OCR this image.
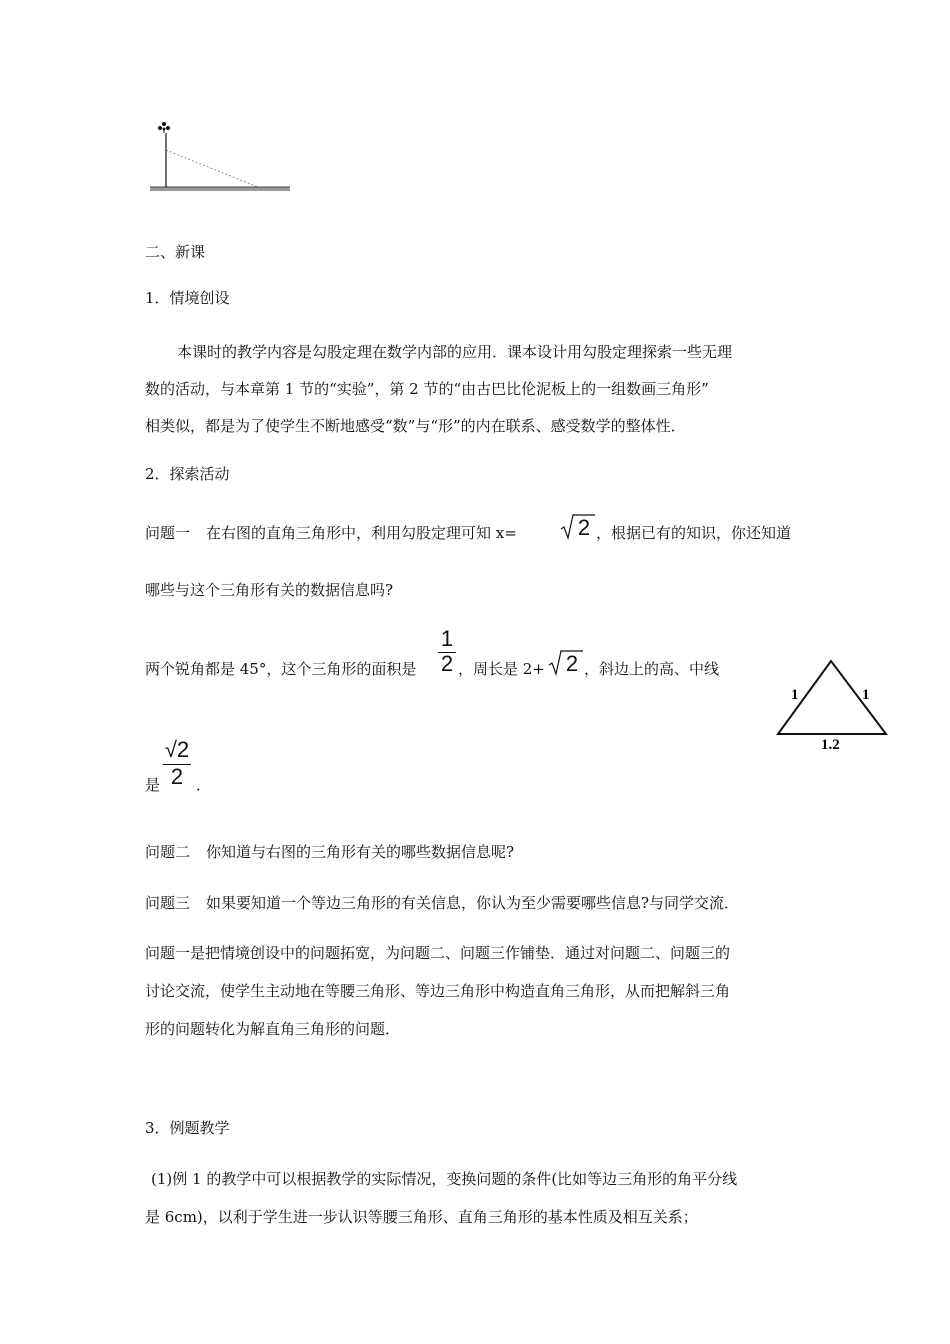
二、新课
1．情境创设
本课时的教学内容是勾股定理在数学内部的应用．课本设计用勾股定理探索一些无理
数的活动，与本章第 1 节的“实验”，第 2 节的“由古巴比伦泥板上的一组数画三角形”
相类似，都是为了使学生不断地感受“数”与“形”的内在联系、感受数学的整体性．
2．探索活动
问题一 在右图的直角三角形中，利用勾股定理可知 x=	2 ，根据已有的知识，你还知道
哪些与这个三角形有关的数据信息吗?
两个锐角都是 45°，这个三角形的面积是
1
2 ，周长是 2+ 2 ，斜边上的高、中线
1	1
1.2
是
√2
2 ．
问题二 你知道与右图的三角形有关的哪些数据信息呢?
问题三 如果要知道一个等边三角形的有关信息，你认为至少需要哪些信息?与同学交流．
问题一是把情境创设中的问题拓宽，为问题二、问题三作铺垫．通过对问题二、问题三的
讨论交流，使学生主动地在等腰三角形、等边三角形中构造直角三角形，从而把解斜三角
形的问题转化为解直角三角形的问题．
3．例题教学
(1)例 1 的教学中可以根据教学的实际情况，变换问题的条件(比如等边三角形的角平分线
是 6cm)，以利于学生进一步认识等腰三角形、直角三角形的基本性质及相互关系；
